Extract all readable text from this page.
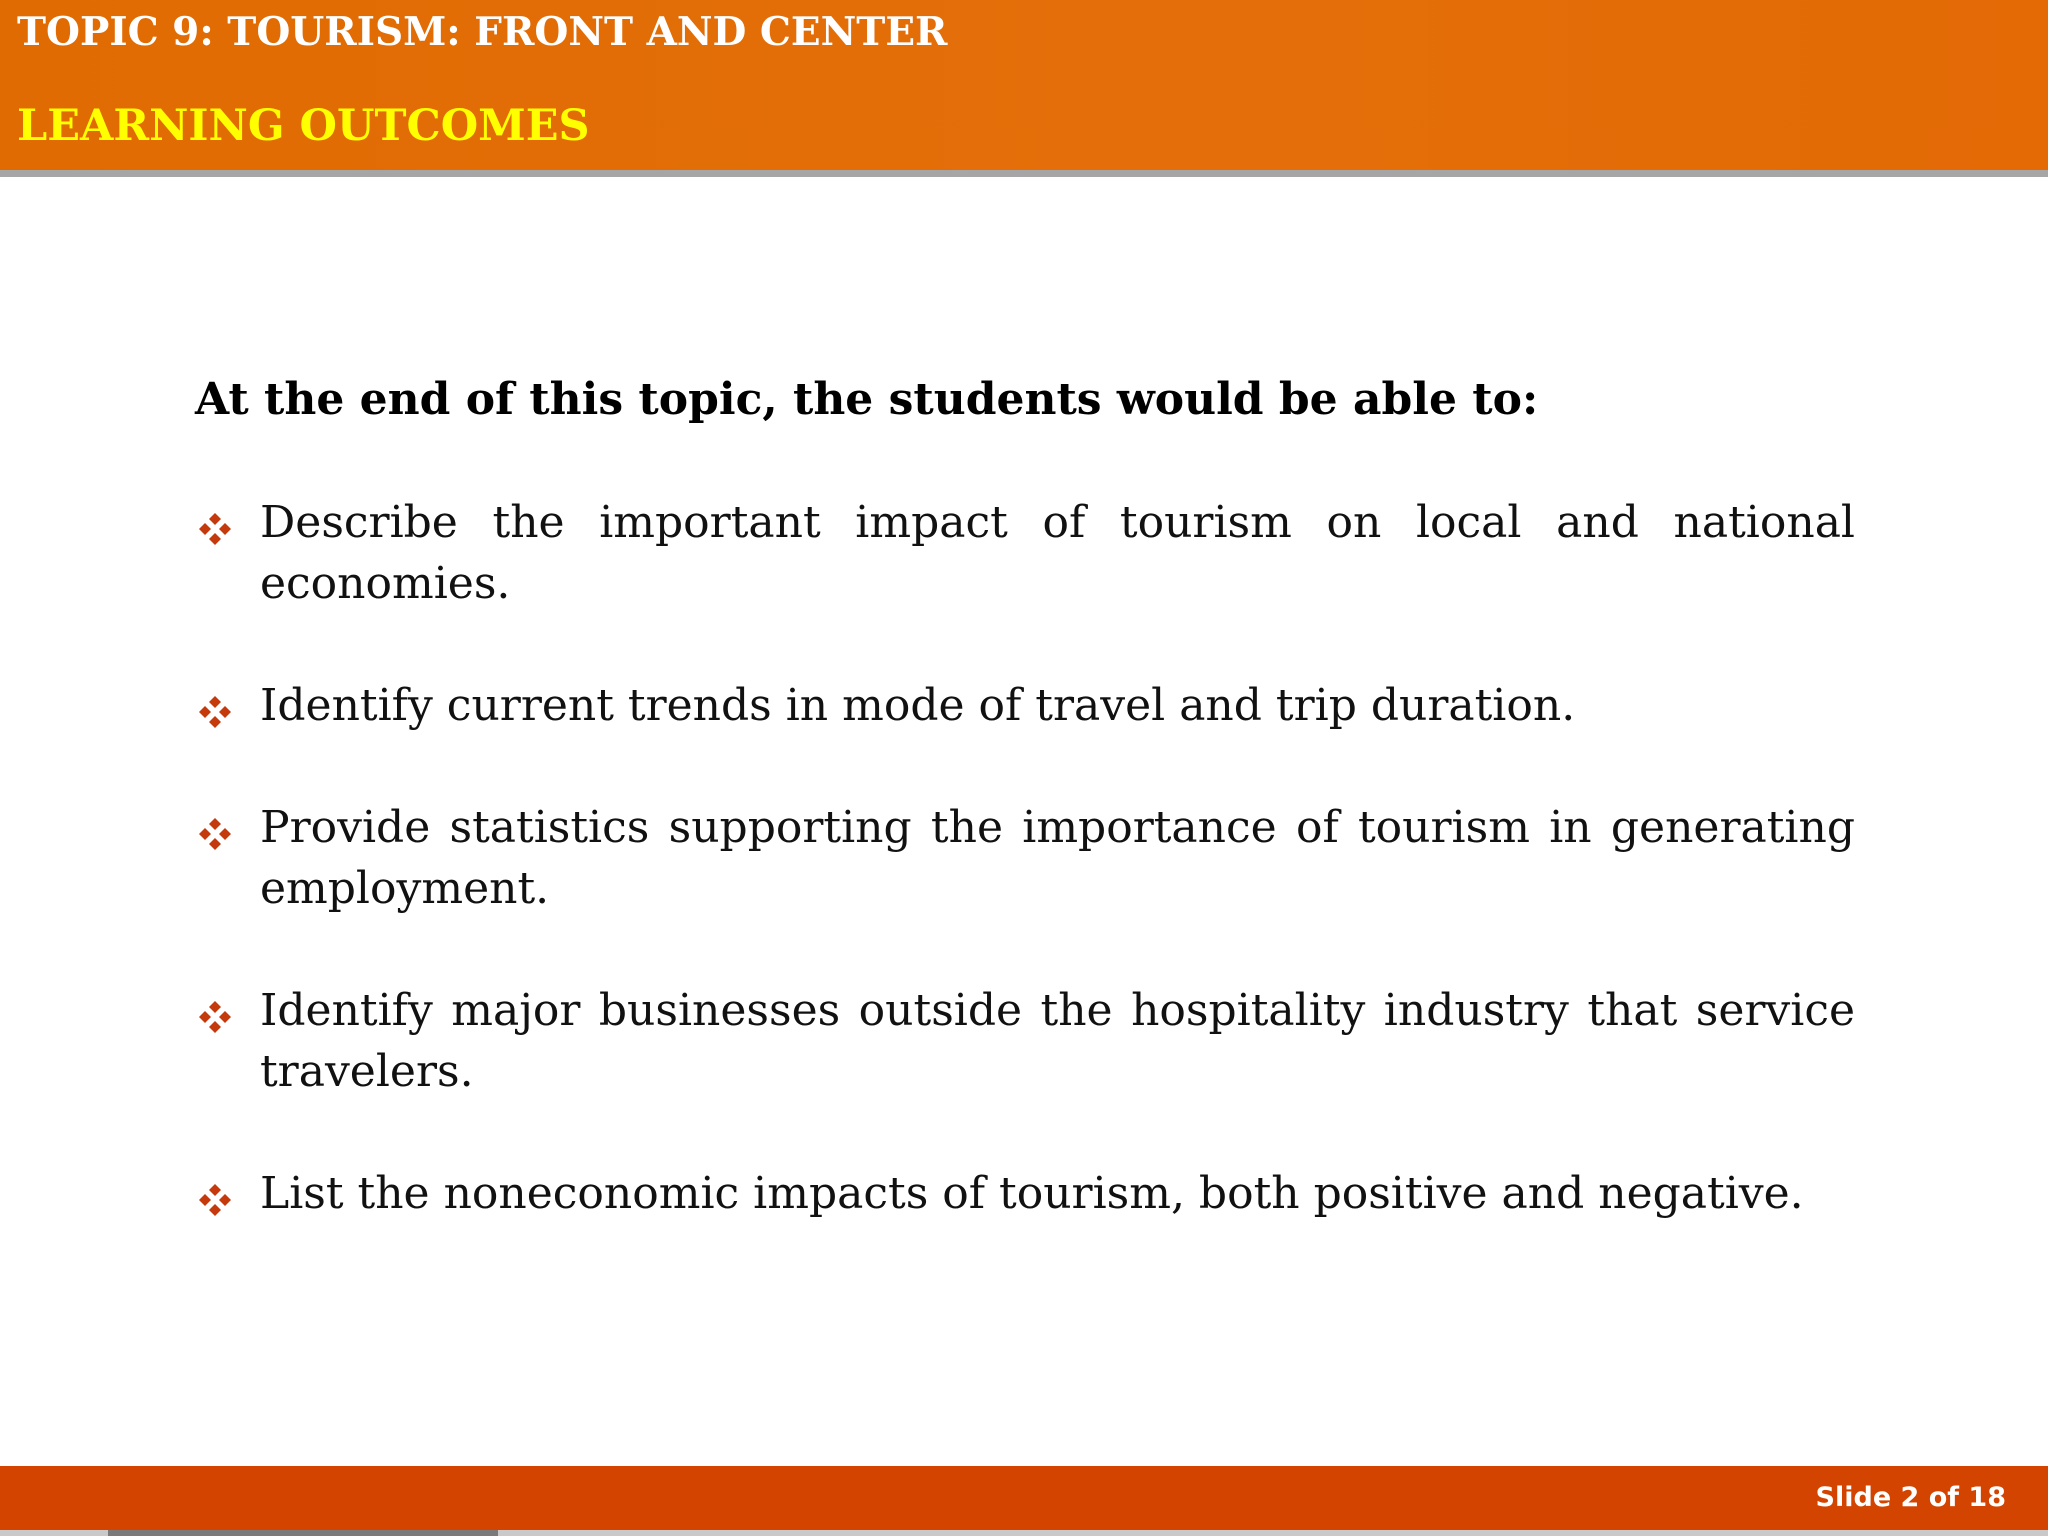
TOPIC 9: TOURISM: FRONT AND CENTER
LEARNING OUTCOMES

At the end of this topic, the students would be able to:

Describe the important impact of tourism on local and national economies.
Identify current trends in mode of travel and trip duration.
Provide statistics supporting the importance of tourism in generating employment.
Identify major businesses outside the hospitality industry that service travelers.
List the noneconomic impacts of tourism, both positive and negative.

Slide 2 of 18
